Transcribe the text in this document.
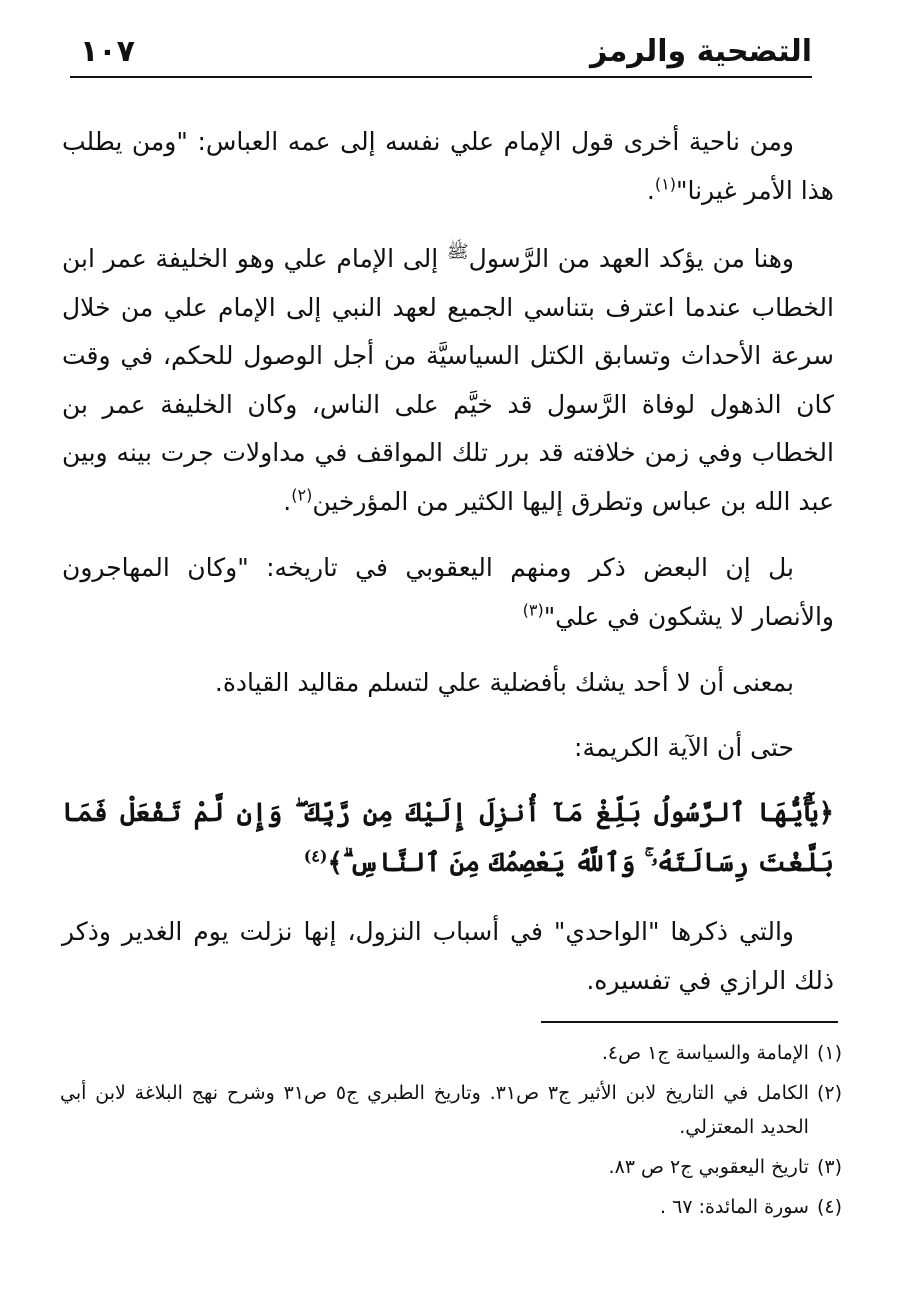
التضحية والرمز
١٠٧

ومن ناحية أخرى قول الإمام علي نفسه إلى عمه العباس: "ومن يطلب هذا الأمر غيرنا"$^{(١)}$.

وهنا من يؤكد العهد من الرَّسول$^ﷺ$ إلى الإمام علي وهو الخليفة عمر ابن الخطاب عندما اعترف بتناسي الجميع لعهد النبي إلى الإمام علي من خلال سرعة الأحداث وتسابق الكتل السياسيَّة من أجل الوصول للحكم، في وقت كان الذهول لوفاة الرَّسول قد خيَّم على الناس، وكان الخليفة عمر بن الخطاب وفي زمن خلافته قد برر تلك المواقف في مداولات جرت بينه وبين عبد الله بن عباس وتطرق إليها الكثير من المؤرخين$^{(٢)}$.

بل إن البعض ذكر ومنهم اليعقوبي في تاريخه: "وكان المهاجرون والأنصار لا يشكون في علي"$^{(٣)}$

بمعنى أن لا أحد يشك بأفضلية علي لتسلم مقاليد القيادة.

حتى أن الآية الكريمة:

﴿يَٰٓأَيُّهَا ٱلرَّسُولُ بَلِّغْ مَآ أُنزِلَ إِلَيْكَ مِن رَّبِّكَ ۖ وَإِن لَّمْ تَفْعَلْ فَمَا بَلَّغْتَ رِسَالَتَهُۥ ۚ وَٱللَّهُ يَعْصِمُكَ مِنَ ٱلنَّاسِ ۗ﴾$^{(٤)}$

والتي ذكرها "الواحدي" في أسباب النزول، إنها نزلت يوم الغدير وذكر ذلك الرازي في تفسيره.

(١)
الإمامة والسياسة ج١ ص٤.
(٢)
الكامل في التاريخ لابن الأثير ج٣ ص٣١. وتاريخ الطبري ج٥ ص٣١ وشرح نهج البلاغة لابن أبي الحديد المعتزلي.
(٣)
تاريخ اليعقوبي ج٢ ص ٨٣.
(٤)
سورة المائدة: ٦٧ .
